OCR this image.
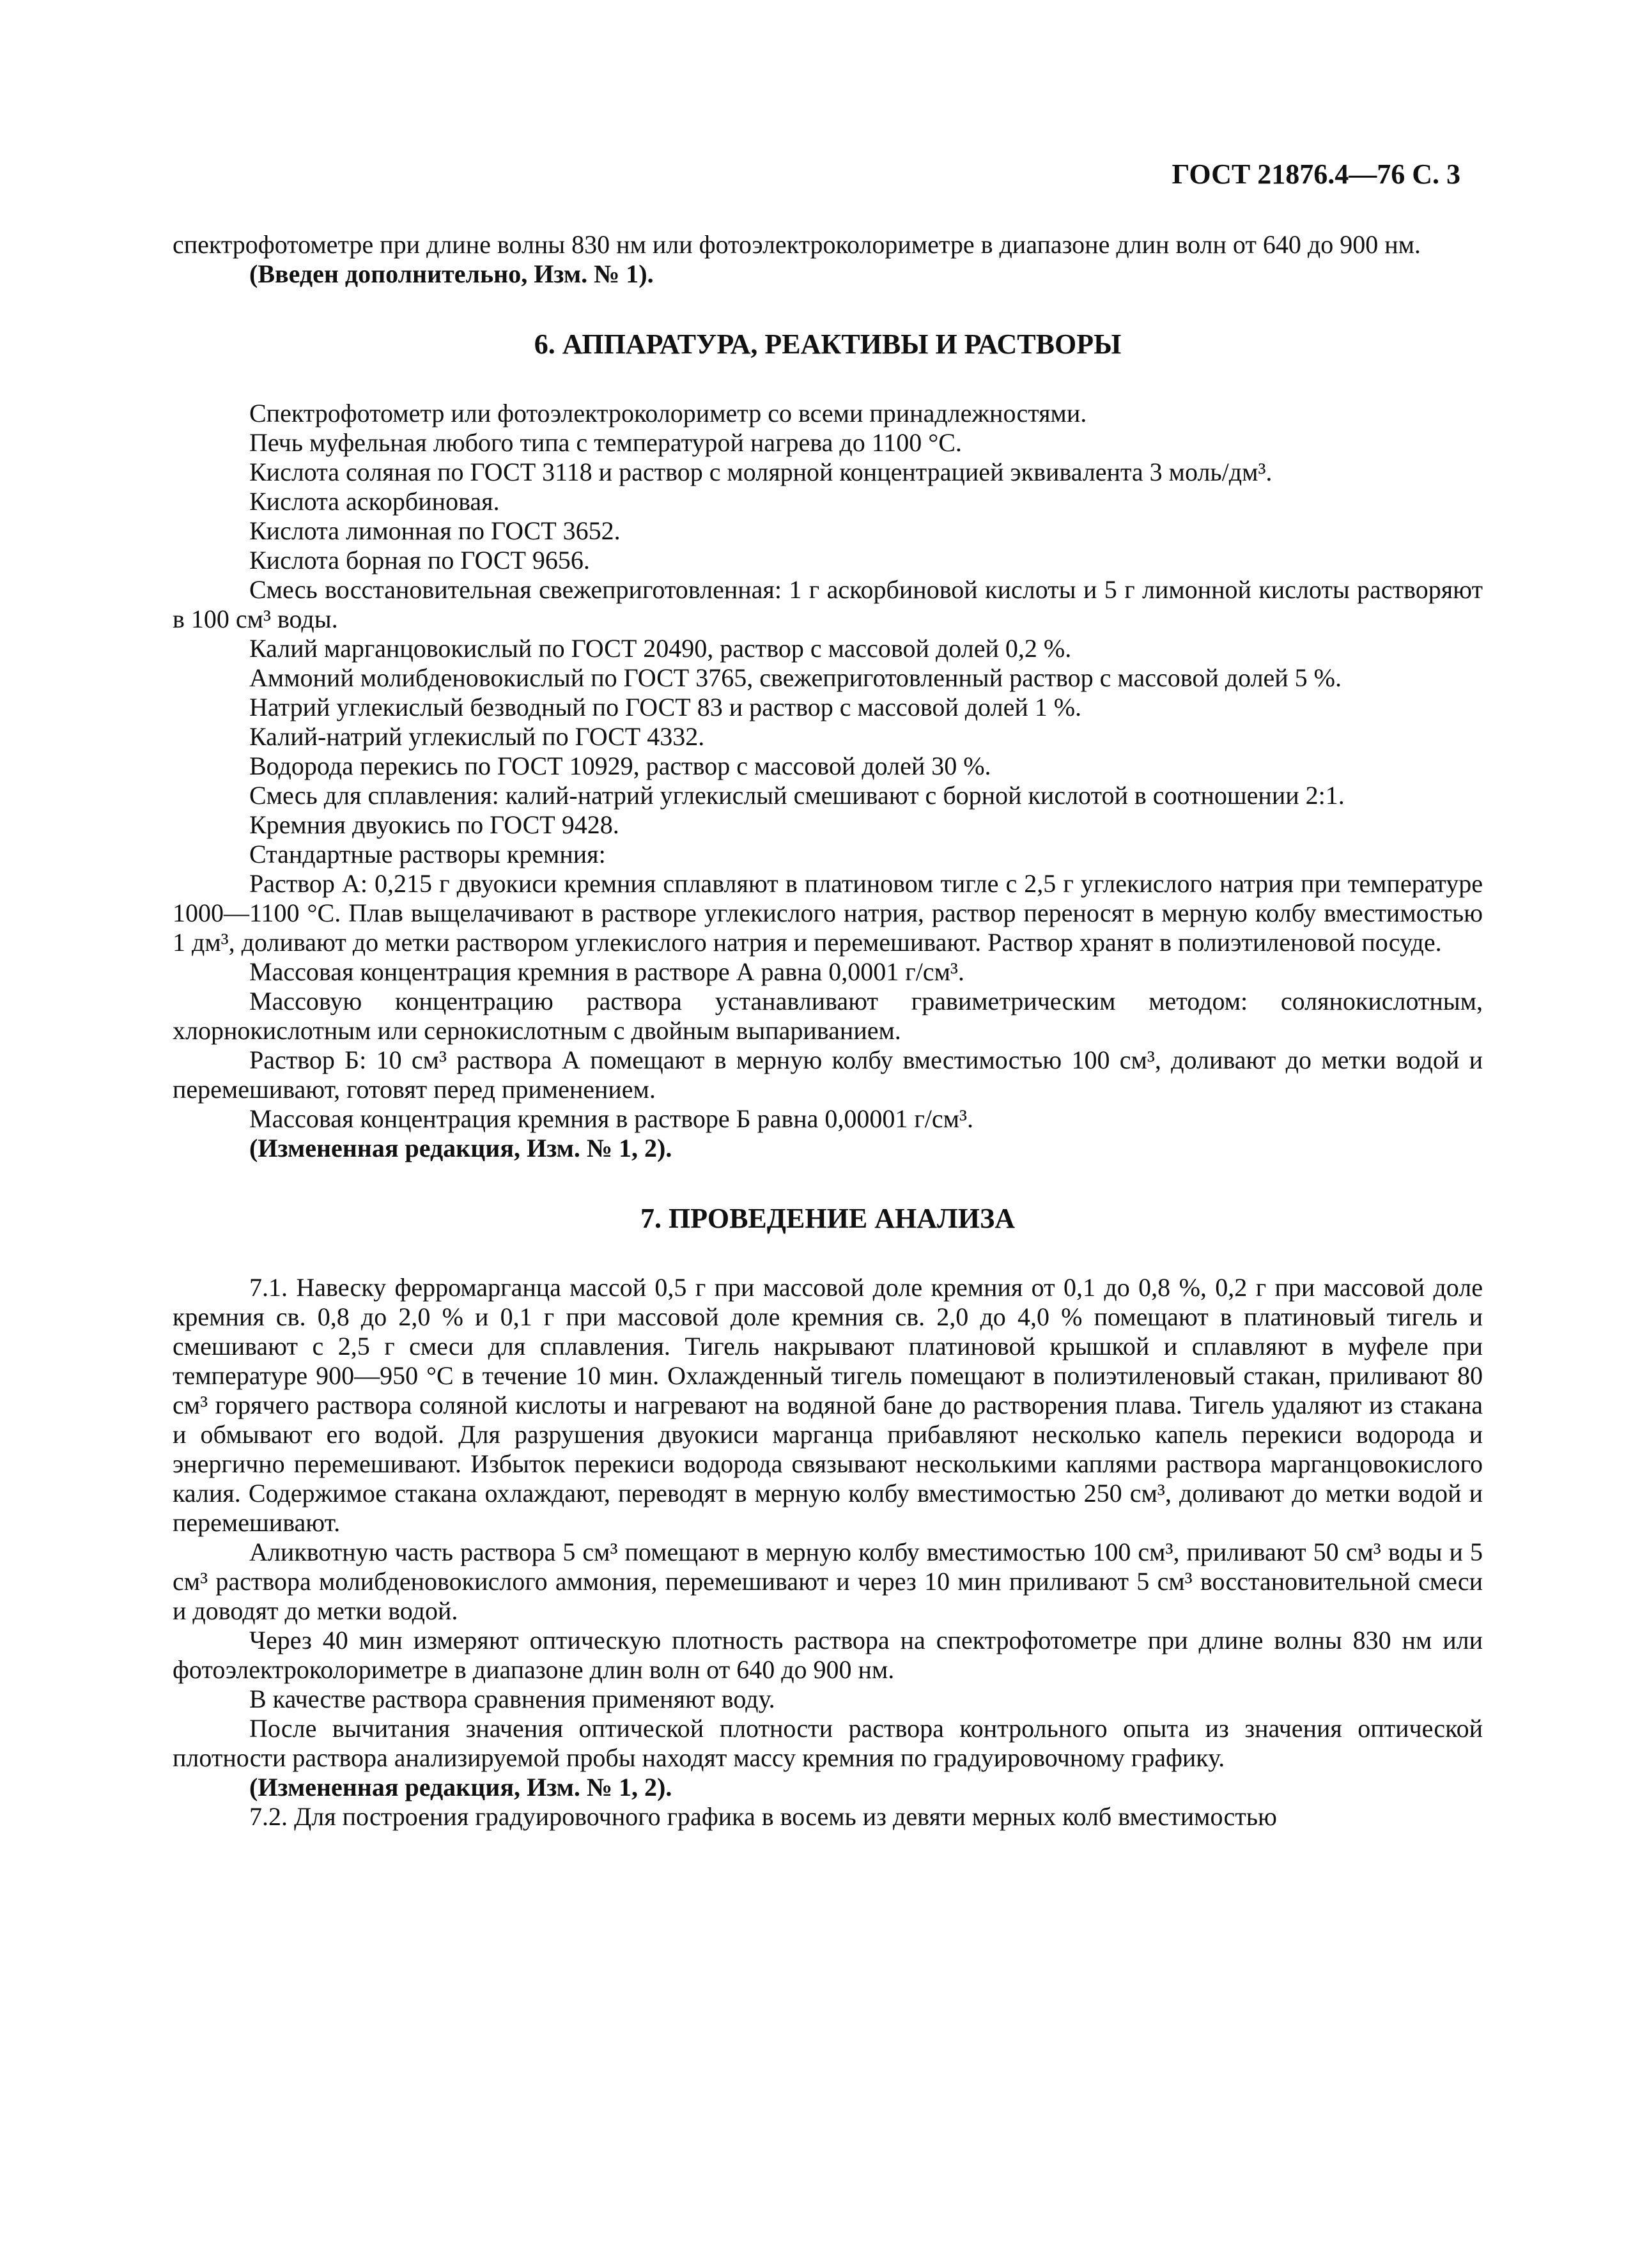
ГОСТ 21876.4—76 С. 3

спектрофотометре при длине волны 830 нм или фотоэлектроколориметре в диапазоне длин волн от 640 до 900 нм.

(Введен дополнительно, Изм. № 1).

6. АППАРАТУРА, РЕАКТИВЫ И РАСТВОРЫ

Спектрофотометр или фотоэлектроколориметр со всеми принадлежностями.

Печь муфельная любого типа с температурой нагрева до 1100 °С.

Кислота соляная по ГОСТ 3118 и раствор с молярной концентрацией эквивалента 3 моль/дм³.

Кислота аскорбиновая.

Кислота лимонная по ГОСТ 3652.

Кислота борная по ГОСТ 9656.

Смесь восстановительная свежеприготовленная: 1 г аскорбиновой кислоты и 5 г лимонной кислоты растворяют в 100 см³ воды.

Калий марганцовокислый по ГОСТ 20490, раствор с массовой долей 0,2 %.

Аммоний молибденовокислый по ГОСТ 3765, свежеприготовленный раствор с массовой долей 5 %.

Натрий углекислый безводный по ГОСТ 83 и раствор с массовой долей 1 %.

Калий-натрий углекислый по ГОСТ 4332.

Водорода перекись по ГОСТ 10929, раствор с массовой долей 30 %.

Смесь для сплавления: калий-натрий углекислый смешивают с борной кислотой в соотношении 2:1.

Кремния двуокись по ГОСТ 9428.

Стандартные растворы кремния:

Раствор А: 0,215 г двуокиси кремния сплавляют в платиновом тигле с 2,5 г углекислого натрия при температуре 1000—1100 °С. Плав выщелачивают в растворе углекислого натрия, раствор переносят в мерную колбу вместимостью 1 дм³, доливают до метки раствором углекислого натрия и перемешивают. Раствор хранят в полиэтиленовой посуде.

Массовая концентрация кремния в растворе А равна 0,0001 г/см³.

Массовую концентрацию раствора устанавливают гравиметрическим методом: солянокислотным, хлорнокислотным или сернокислотным с двойным выпариванием.

Раствор Б: 10 см³ раствора А помещают в мерную колбу вместимостью 100 см³, доливают до метки водой и перемешивают, готовят перед применением.

Массовая концентрация кремния в растворе Б равна 0,00001 г/см³.

(Измененная редакция, Изм. № 1, 2).

7. ПРОВЕДЕНИЕ АНАЛИЗА

7.1. Навеску ферромарганца массой 0,5 г при массовой доле кремния от 0,1 до 0,8 %, 0,2 г при массовой доле кремния св. 0,8 до 2,0 % и 0,1 г при массовой доле кремния св. 2,0 до 4,0 % помещают в платиновый тигель и смешивают с 2,5 г смеси для сплавления. Тигель накрывают платиновой крышкой и сплавляют в муфеле при температуре 900—950 °С в течение 10 мин. Охлажденный тигель помещают в полиэтиленовый стакан, приливают 80 см³ горячего раствора соляной кислоты и нагревают на водяной бане до растворения плава. Тигель удаляют из стакана и обмывают его водой. Для разрушения двуокиси марганца прибавляют несколько капель перекиси водорода и энергично перемешивают. Избыток перекиси водорода связывают несколькими каплями раствора марганцовокислого калия. Содержимое стакана охлаждают, переводят в мерную колбу вместимостью 250 см³, доливают до метки водой и перемешивают.

Аликвотную часть раствора 5 см³ помещают в мерную колбу вместимостью 100 см³, приливают 50 см³ воды и 5 см³ раствора молибденовокислого аммония, перемешивают и через 10 мин приливают 5 см³ восстановительной смеси и доводят до метки водой.

Через 40 мин измеряют оптическую плотность раствора на спектрофотометре при длине волны 830 нм или фотоэлектроколориметре в диапазоне длин волн от 640 до 900 нм.

В качестве раствора сравнения применяют воду.

После вычитания значения оптической плотности раствора контрольного опыта из значения оптической плотности раствора анализируемой пробы находят массу кремния по градуировочному графику.

(Измененная редакция, Изм. № 1, 2).

7.2. Для построения градуировочного графика в восемь из девяти мерных колб вместимостью
